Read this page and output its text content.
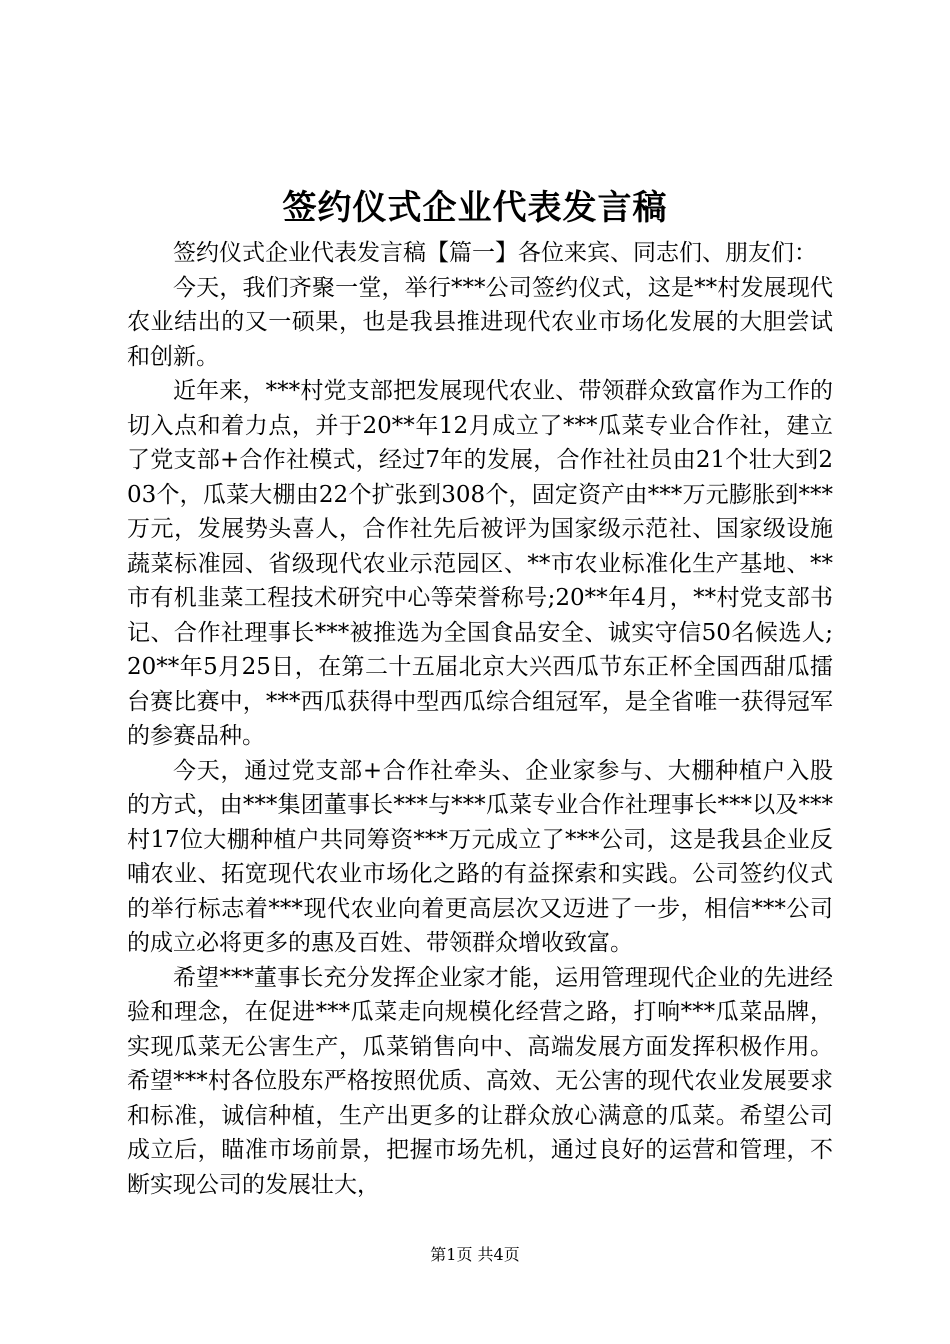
签约仪式企业代表发言稿

签约仪式企业代表发言稿【篇一】各位来宾、同志们、朋友们：

今天，我们齐聚一堂，举行***公司签约仪式，这是**村发展现代农业结出的又一硕果，也是我县推进现代农业市场化发展的大胆尝试和创新。

近年来，***村党支部把发展现代农业、带领群众致富作为工作的切入点和着力点，并于20**年12月成立了***瓜菜专业合作社，建立了党支部+合作社模式，经过7年的发展，合作社社员由21个壮大到203个，瓜菜大棚由22个扩张到308个，固定资产由***万元膨胀到***万元，发展势头喜人，合作社先后被评为国家级示范社、国家级设施蔬菜标准园、省级现代农业示范园区、**市农业标准化生产基地、**市有机韭菜工程技术研究中心等荣誉称号;20**年4月，**村党支部书记、合作社理事长***被推选为全国食品安全、诚实守信50名候选人;20**年5月25日，在第二十五届北京大兴西瓜节东正杯全国西甜瓜擂台赛比赛中，***西瓜获得中型西瓜综合组冠军，是全省唯一获得冠军的参赛品种。

今天，通过党支部+合作社牵头、企业家参与、大棚种植户入股的方式，由***集团董事长***与***瓜菜专业合作社理事长***以及***村17位大棚种植户共同筹资***万元成立了***公司，这是我县企业反哺农业、拓宽现代农业市场化之路的有益探索和实践。公司签约仪式的举行标志着***现代农业向着更高层次又迈进了一步，相信***公司的成立必将更多的惠及百姓、带领群众增收致富。

希望***董事长充分发挥企业家才能，运用管理现代企业的先进经验和理念，在促进***瓜菜走向规模化经营之路，打响***瓜菜品牌，实现瓜菜无公害生产，瓜菜销售向中、高端发展方面发挥积极作用。希望***村各位股东严格按照优质、高效、无公害的现代农业发展要求和标准，诚信种植，生产出更多的让群众放心满意的瓜菜。希望公司成立后，瞄准市场前景，把握市场先机，通过良好的运营和管理，不断实现公司的发展壮大，

第1页 共4页
